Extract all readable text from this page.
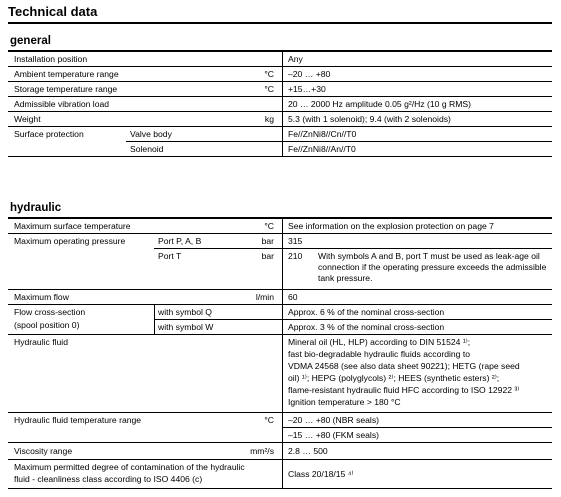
Technical data
general
Installation position	Any
Ambient temperature range	°C –20 … +80
Storage temperature range	°C +15…+30
Admissible vibration load	20 … 2000 Hz amplitude 0.05 g²/Hz (10 g RMS)
Weight	kg 5.3 (with 1 solenoid); 9.4 (with 2 solenoids)
Surface protection	Valve body	Fe//ZnNi8//Cn//T0
Solenoid	Fe//ZnNi8//An//T0
hydraulic
Maximum surface temperature	°C See information on the explosion protection on page 7
Maximum operating pressure	Port P, A, B	bar 315
Port T	bar 210 With symbols A and B, port T must be used as leak-age oil connection if the operating pressure exceeds the admissible tank pressure.
Maximum flow	l/min 60
Flow cross-section
(spool position 0)
with symbol Q	Approx. 6 % of the nominal cross-section
with symbol W	Approx. 3 % of the nominal cross-section
Hydraulic fluid	Mineral oil (HL, HLP) according to DIN 51524 ¹⁾;
fast bio-degradable hydraulic fluids according to
VDMA 24568 (see also data sheet 90221); HETG (rape seed
oil) ¹⁾; HEPG (polyglycols) ²⁾; HEES (synthetic esters) ²⁾;
flame-resistant hydraulic fluid HFC according to ISO 12922 ³⁾
Ignition temperature > 180 °C
Hydraulic fluid temperature range	°C –20 … +80 (NBR seals)
–15 … +80 (FKM seals)
Viscosity range	mm²/s 2.8 … 500
Maximum permitted degree of contamination of the hydraulic
fluid - cleanliness class according to ISO 4406 (c)	Class 20/18/15 ⁴⁾
